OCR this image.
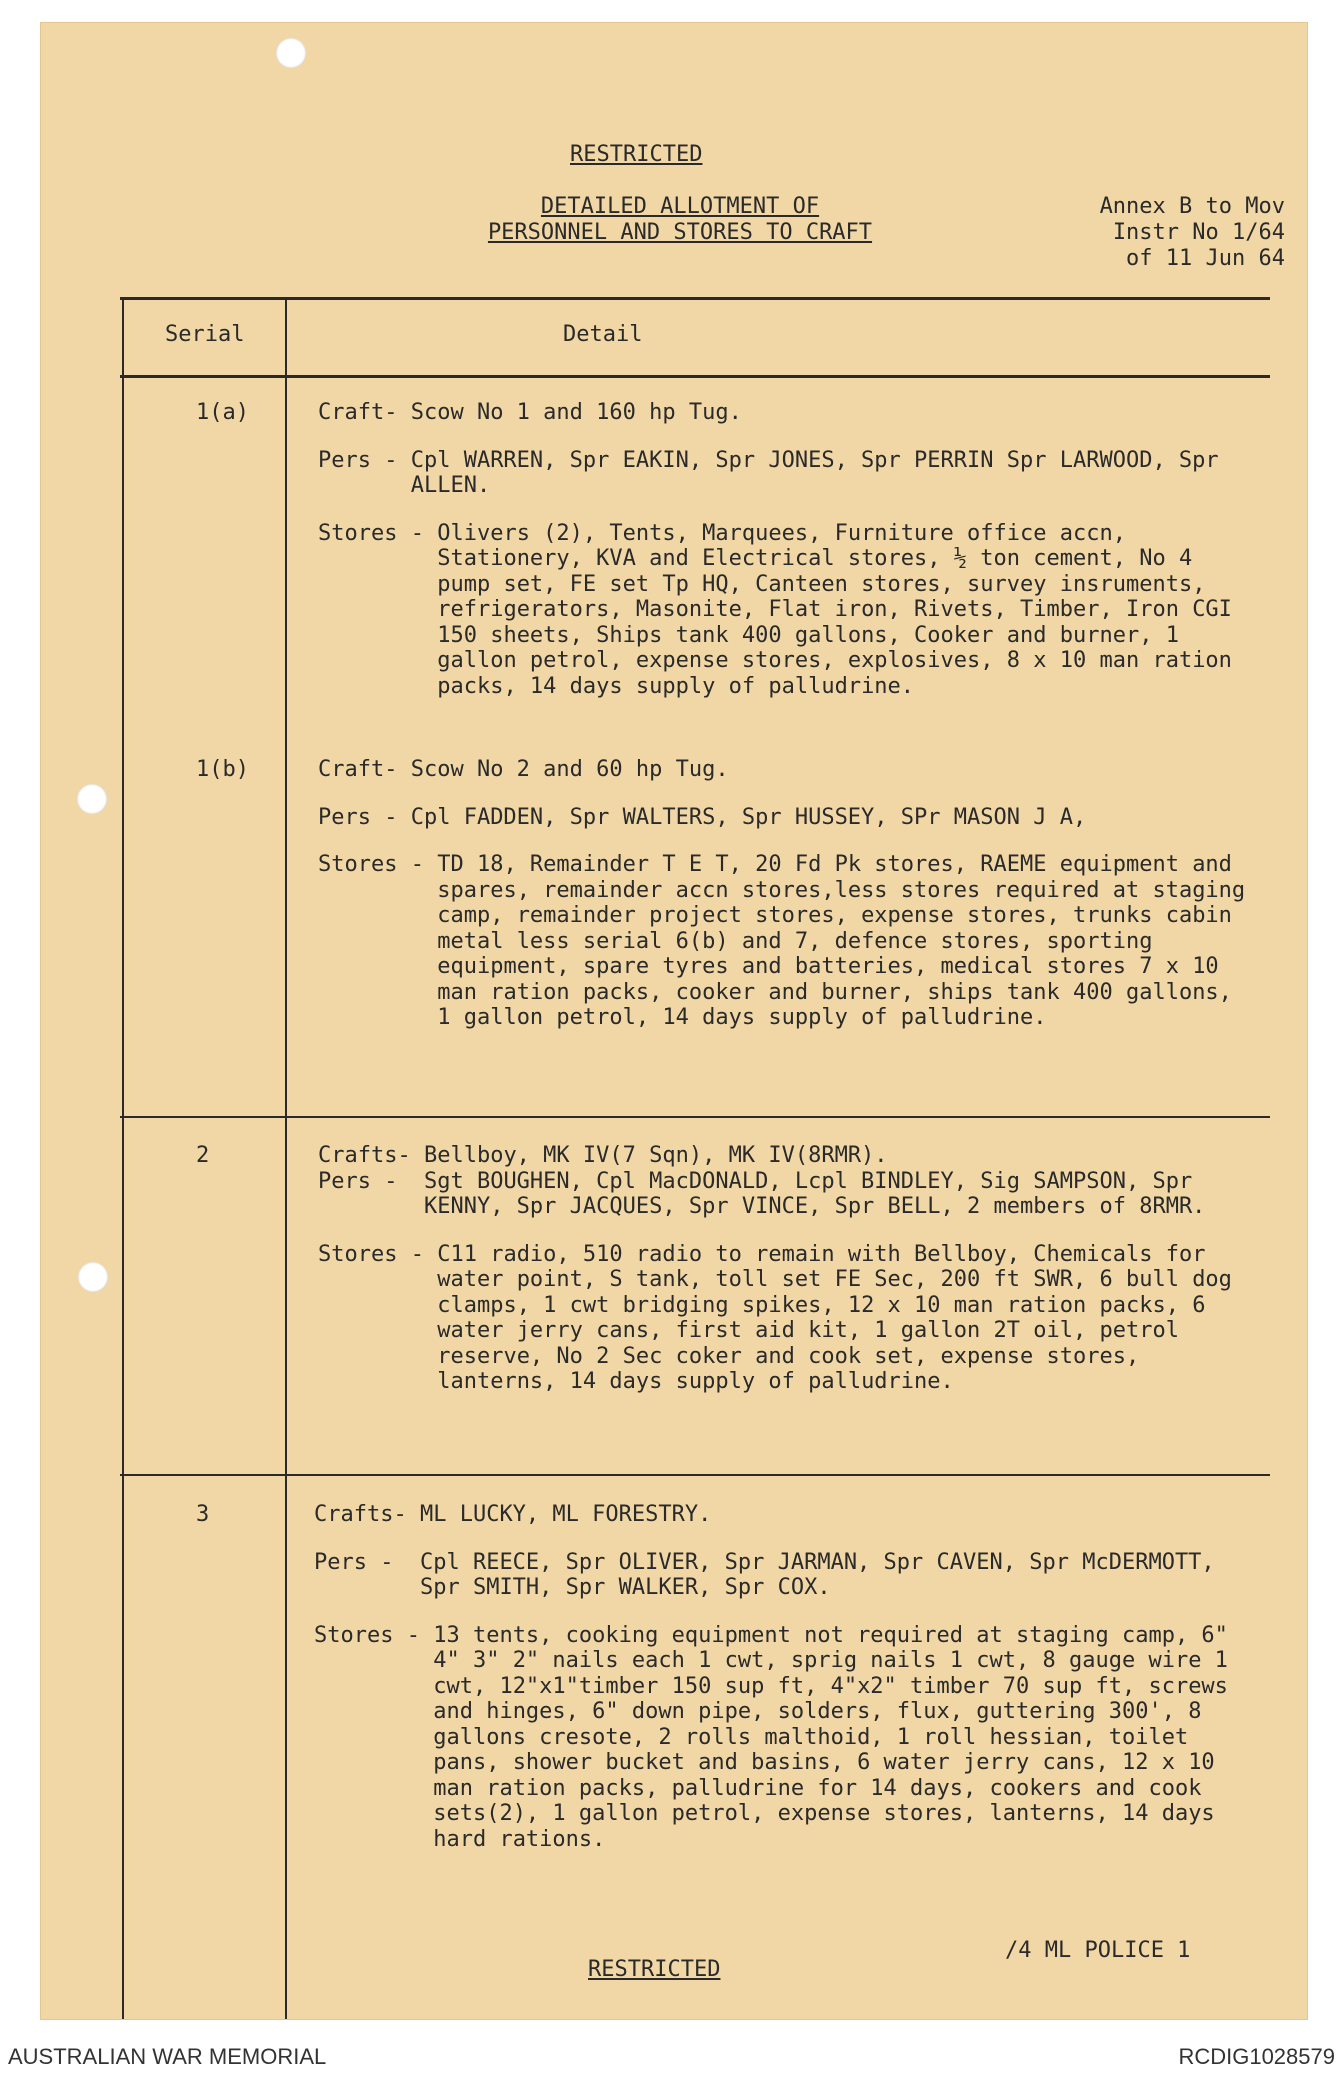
RESTRICTED
DETAILED ALLOTMENT OF
PERSONNEL AND STORES TO CRAFT
Annex B to Mov
Instr No 1/64
of 11 Jun 64
Serial	Detail
1(a)	Craft- Scow No 1 and 160 hp Tug.
Pers - Cpl WARREN, Spr EAKIN, Spr JONES, Spr PERRIN Spr LARWOOD, Spr ALLEN.
Stores - Olivers (2), Tents, Marquees, Furniture office accn, Stationery, KVA and Electrical stores, ½ ton cement, No 4 pump set, FE set Tp HQ, Canteen stores, survey insruments, refrigerators, Masonite, Flat iron, Rivets, Timber, Iron CGI 150 sheets, Ships tank 400 gallons, Cooker and burner, 1 gallon petrol, expense stores, explosives, 8 x 10 man ration packs, 14 days supply of palludrine.
1(b)	Craft- Scow No 2 and 60 hp Tug.
Pers - Cpl FADDEN, Spr WALTERS, Spr HUSSEY, SPr MASON J A,
Stores - TD 18, Remainder T E T, 20 Fd Pk stores, RAEME equipment and spares, remainder accn stores,less stores required at staging camp, remainder project stores, expense stores, trunks cabin metal less serial 6(b) and 7, defence stores, sporting equipment, spare tyres and batteries, medical stores 7 x 10 man ration packs, cooker and burner, ships tank 400 gallons, 1 gallon petrol, 14 days supply of palludrine.
2	Crafts- Bellboy, MK IV(7 Sqn), MK IV(8RMR).
Pers - Sgt BOUGHEN, Cpl MacDONALD, Lcpl BINDLEY, Sig SAMPSON, Spr KENNY, Spr JACQUES, Spr VINCE, Spr BELL, 2 members of 8RMR.
Stores - C11 radio, 510 radio to remain with Bellboy, Chemicals for water point, S tank, toll set FE Sec, 200 ft SWR, 6 bull dog clamps, 1 cwt bridging spikes, 12 x 10 man ration packs, 6 water jerry cans, first aid kit, 1 gallon 2T oil, petrol reserve, No 2 Sec coker and cook set, expense stores, lanterns, 14 days supply of palludrine.
3	Crafts- ML LUCKY, ML FORESTRY.
Pers - Cpl REECE, Spr OLIVER, Spr JARMAN, Spr CAVEN, Spr McDERMOTT, Spr SMITH, Spr WALKER, Spr COX.
Stores - 13 tents, cooking equipment not required at staging camp, 6" 4" 3" 2" nails each 1 cwt, sprig nails 1 cwt, 8 gauge wire 1 cwt, 12"x1"timber 150 sup ft, 4"x2" timber 70 sup ft, screws and hinges, 6" down pipe, solders, flux, guttering 300', 8 gallons cresote, 2 rolls malthoid, 1 roll hessian, toilet pans, shower bucket and basins, 6 water jerry cans, 12 x 10 man ration packs, palludrine for 14 days, cookers and cook sets(2), 1 gallon petrol, expense stores, lanterns, 14 days hard rations.
/4 ML POLICE 1
RESTRICTED
AUSTRALIAN WAR MEMORIAL	RCDIG1028579
